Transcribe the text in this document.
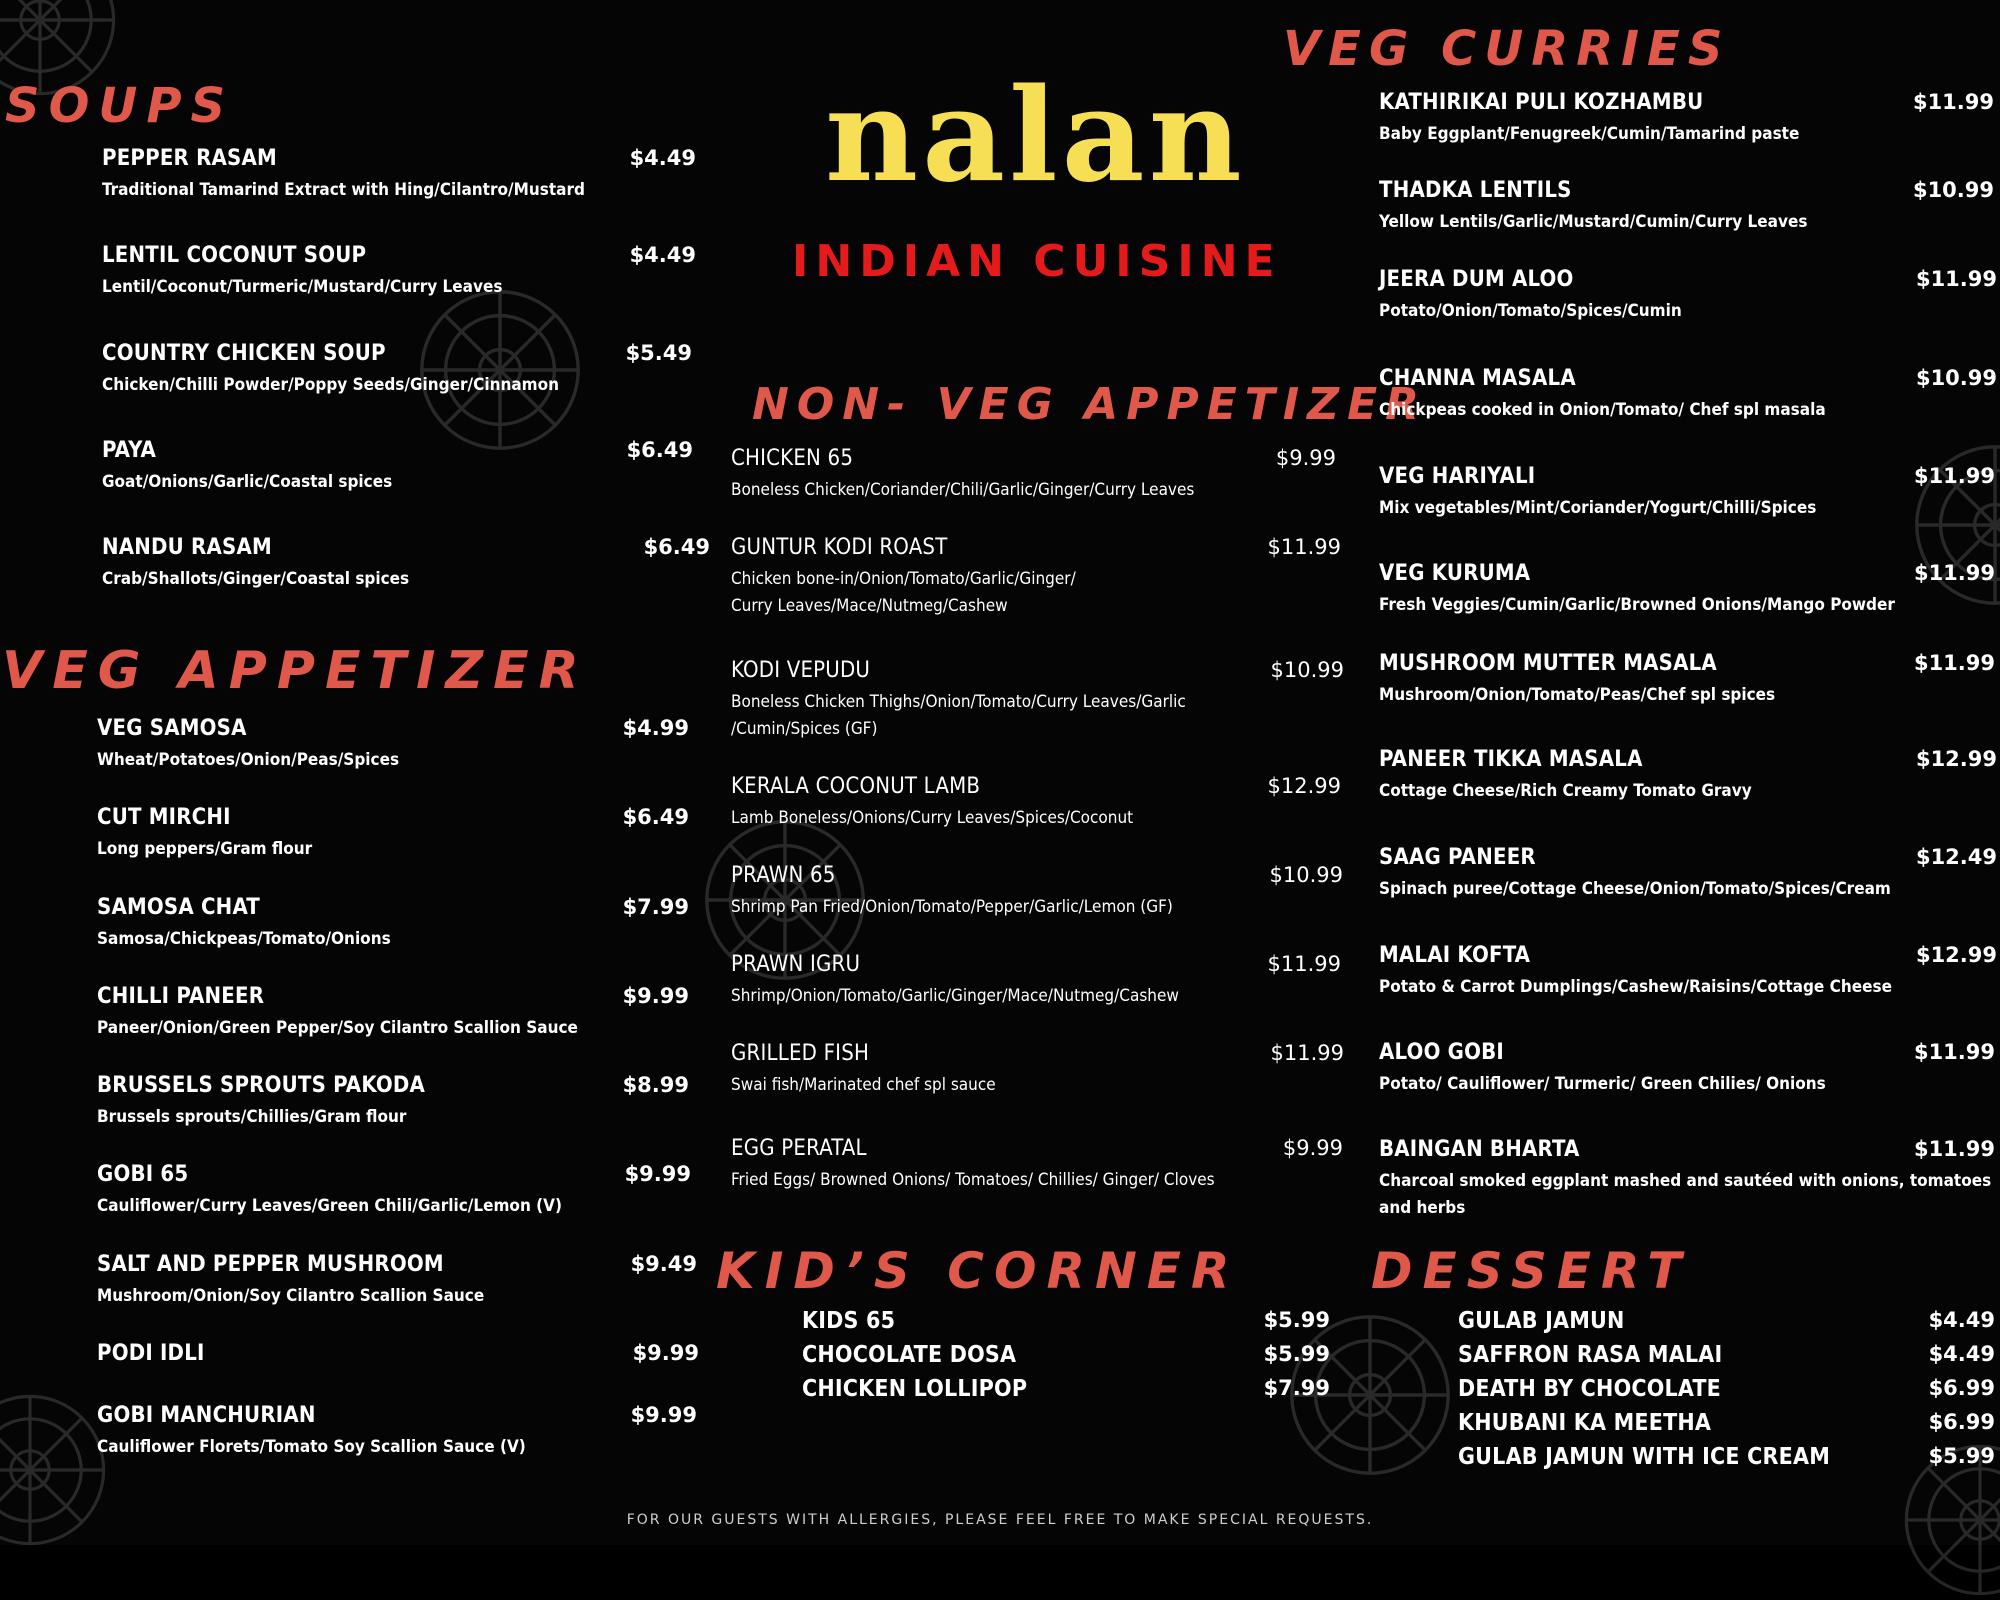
nalan
INDIAN CUISINE
SOUPS
PEPPER RASAM	$4.49
Traditional Tamarind Extract with Hing/Cilantro/Mustard
LENTIL COCONUT SOUP	$4.49
Lentil/Coconut/Turmeric/Mustard/Curry Leaves
COUNTRY CHICKEN SOUP	$5.49
Chicken/Chilli Powder/Poppy Seeds/Ginger/Cinnamon
PAYA	$6.49
Goat/Onions/Garlic/Coastal spices
NANDU RASAM	$6.49
Crab/Shallots/Ginger/Coastal spices
VEG APPETIZER
VEG SAMOSA	$4.99
Wheat/Potatoes/Onion/Peas/Spices
CUT MIRCHI	$6.49
Long peppers/Gram flour
SAMOSA CHAT	$7.99
Samosa/Chickpeas/Tomato/Onions
CHILLI PANEER	$9.99
Paneer/Onion/Green Pepper/Soy Cilantro Scallion Sauce
BRUSSELS SPROUTS PAKODA	$8.99
Brussels sprouts/Chillies/Gram flour
GOBI 65	$9.99
Cauliflower/Curry Leaves/Green Chili/Garlic/Lemon (V)
SALT AND PEPPER MUSHROOM	$9.49
Mushroom/Onion/Soy Cilantro Scallion Sauce
PODI IDLI	$9.99
GOBI MANCHURIAN	$9.99
Cauliflower Florets/Tomato Soy Scallion Sauce (V)
NON- VEG APPETIZER
CHICKEN 65	$9.99
Boneless Chicken/Coriander/Chili/Garlic/Ginger/Curry Leaves
GUNTUR KODI ROAST	$11.99
Chicken bone-in/Onion/Tomato/Garlic/Ginger/
Curry Leaves/Mace/Nutmeg/Cashew
KODI VEPUDU	$10.99
Boneless Chicken Thighs/Onion/Tomato/Curry Leaves/Garlic
/Cumin/Spices (GF)
KERALA COCONUT LAMB	$12.99
Lamb Boneless/Onions/Curry Leaves/Spices/Coconut
PRAWN 65	$10.99
Shrimp Pan Fried/Onion/Tomato/Pepper/Garlic/Lemon (GF)
PRAWN IGRU	$11.99
Shrimp/Onion/Tomato/Garlic/Ginger/Mace/Nutmeg/Cashew
GRILLED FISH	$11.99
Swai fish/Marinated chef spl sauce
EGG PERATAL	$9.99
Fried Eggs/ Browned Onions/ Tomatoes/ Chillies/ Ginger/ Cloves
KID’S CORNER
KIDS 65	$5.99
CHOCOLATE DOSA	$5.99
CHICKEN LOLLIPOP	$7.99
VEG CURRIES
KATHIRIKAI PULI KOZHAMBU	$11.99
Baby Eggplant/Fenugreek/Cumin/Tamarind paste
THADKA LENTILS	$10.99
Yellow Lentils/Garlic/Mustard/Cumin/Curry Leaves
JEERA DUM ALOO	$11.99
Potato/Onion/Tomato/Spices/Cumin
CHANNA MASALA	$10.99
Chickpeas cooked in Onion/Tomato/ Chef spl masala
VEG HARIYALI	$11.99
Mix vegetables/Mint/Coriander/Yogurt/Chilli/Spices
VEG KURUMA	$11.99
Fresh Veggies/Cumin/Garlic/Browned Onions/Mango Powder
MUSHROOM MUTTER MASALA	$11.99
Mushroom/Onion/Tomato/Peas/Chef spl spices
PANEER TIKKA MASALA	$12.99
Cottage Cheese/Rich Creamy Tomato Gravy
SAAG PANEER	$12.49
Spinach puree/Cottage Cheese/Onion/Tomato/Spices/Cream
MALAI KOFTA	$12.99
Potato & Carrot Dumplings/Cashew/Raisins/Cottage Cheese
ALOO GOBI	$11.99
Potato/ Cauliflower/ Turmeric/ Green Chilies/ Onions
BAINGAN BHARTA	$11.99
Charcoal smoked eggplant mashed and sautéed with onions, tomatoes
and herbs
DESSERT
GULAB JAMUN	$4.49
SAFFRON RASA MALAI	$4.49
DEATH BY CHOCOLATE	$6.99
KHUBANI KA MEETHA	$6.99
GULAB JAMUN WITH ICE CREAM	$5.99
FOR OUR GUESTS WITH ALLERGIES, PLEASE FEEL FREE TO MAKE SPECIAL REQUESTS.
